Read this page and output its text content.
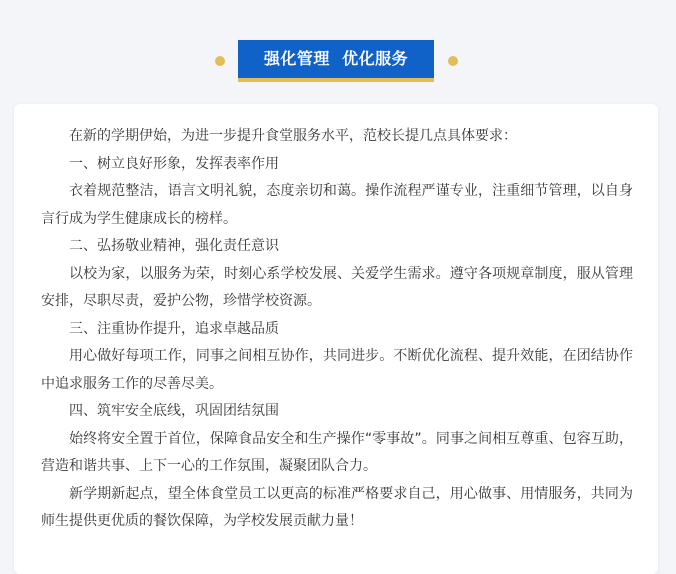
强化管理  优化服务

在新的学期伊始，为进一步提升食堂服务水平，范校长提几点具体要求：

一、树立良好形象，发挥表率作用

衣着规范整洁，语言文明礼貌，态度亲切和蔼。操作流程严谨专业，注重细节管理，以自身言行成为学生健康成长的榜样。

二、弘扬敬业精神，强化责任意识

以校为家，以服务为荣，时刻心系学校发展、关爱学生需求。遵守各项规章制度，服从管理安排，尽职尽责，爱护公物，珍惜学校资源。

三、注重协作提升，追求卓越品质

用心做好每项工作，同事之间相互协作，共同进步。不断优化流程、提升效能，在团结协作中追求服务工作的尽善尽美。

四、筑牢安全底线，巩固团结氛围

始终将安全置于首位，保障食品安全和生产操作“零事故”。同事之间相互尊重、包容互助，营造和谐共事、上下一心的工作氛围，凝聚团队合力。

新学期新起点，望全体食堂员工以更高的标准严格要求自己，用心做事、用情服务，共同为师生提供更优质的餐饮保障，为学校发展贡献力量！
